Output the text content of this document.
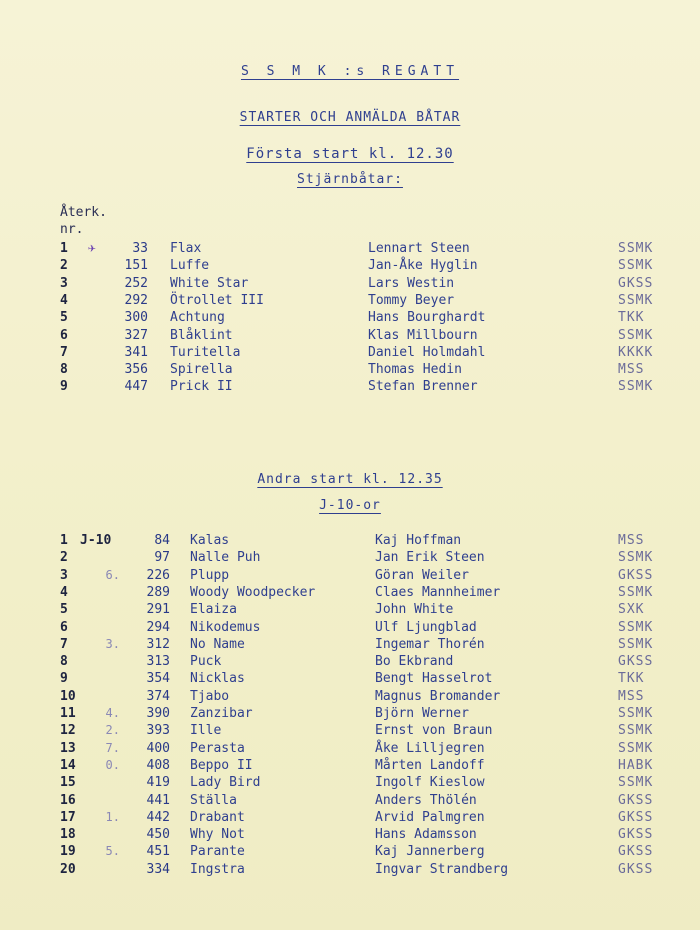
S S M K :s REGATT
STARTER OCH ANMÄLDA BÅTAR
Första start kl. 12.30
Stjärnbåtar:
Återk.
nr.
1 ✈	33 Flax	Lennart Steen	SSMK
2	151 Luffe	Jan-Åke Hyglin	SSMK
3	252 White Star	Lars Westin	GKSS
4	292 Ötrollet III	Tommy Beyer	SSMK
5	300 Achtung	Hans Bourghardt	TKK
6	327 Blåklint	Klas Millbourn	SSMK
7	341 Turitella	Daniel Holmdahl	KKKK
8	356 Spirella	Thomas Hedin	MSS
9	447 Prick II	Stefan Brenner	SSMK
Andra start kl. 12.35
J-10-or
1 J-10	84 Kalas	Kaj Hoffman	MSS
2	97 Nalle Puh	Jan Erik Steen	SSMK
3	6.	226 Plupp	Göran Weiler	GKSS
4	289 Woody Woodpecker	Claes Mannheimer	SSMK
5	291 Elaiza	John White	SXK
6	294 Nikodemus	Ulf Ljungblad	SSMK
7	3.	312 No Name	Ingemar Thorén	SSMK
8	313 Puck	Bo Ekbrand	GKSS
9	354 Nicklas	Bengt Hasselrot	TKK
10	374 Tjabo	Magnus Bromander	MSS
11	4.	390 Zanzibar	Björn Werner	SSMK
12	2.	393 Ille	Ernst von Braun	SSMK
13	7.	400 Perasta	Åke Lilljegren	SSMK
14	0.	408 Beppo II	Mårten Landoff	HABK
15	419 Lady Bird	Ingolf Kieslow	SSMK
16	441 Ställa	Anders Thölén	GKSS
17	1.	442 Drabant	Arvid Palmgren	GKSS
18	450 Why Not	Hans Adamsson	GKSS
19	5.	451 Parante	Kaj Jannerberg	GKSS
20	334 Ingstra	Ingvar Strandberg	GKSS
